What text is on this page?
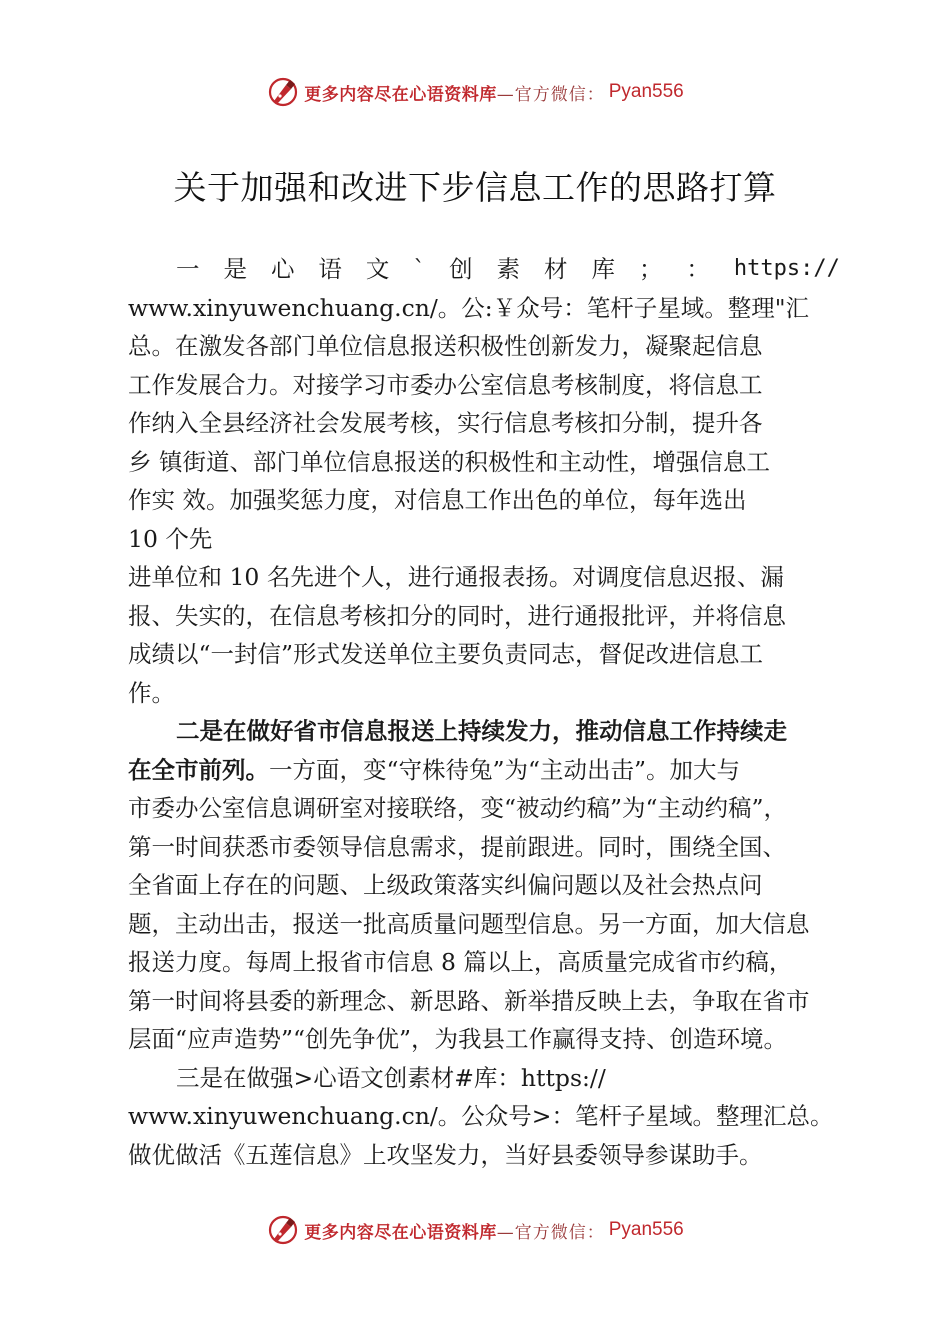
更多内容尽在心语资料库 —官方微信： Pyan556
关于加强和改进下步信息工作的思路打算
一 是 心 语 文 ` 创 素 材 库 ； ： https://
www.xinyuwenchuang.cn/。公:￥众号：笔杆子星域。整理"汇
总。在激发各部门单位信息报送积极性创新发力，凝聚起信息
工作发展合力。对接学习市委办公室信息考核制度，将信息工
作纳入全县经济社会发展考核，实行信息考核扣分制，提升各
乡 镇街道、部门单位信息报送的积极性和主动性，增强信息工
作实 效。加强奖惩力度，对信息工作出色的单位，每年选出
10 个先
进单位和 10 名先进个人，进行通报表扬。对调度信息迟报、漏
报、失实的，在信息考核扣分的同时，进行通报批评，并将信息
成绩以“一封信”形式发送单位主要负责同志，督促改进信息工
作。
二是在做好省市信息报送上持续发力，推动信息工作持续走
在全市前列。一方面，变“守株待兔”为“主动出击”。加大与
市委办公室信息调研室对接联络，变“被动约稿”为“主动约稿”，
第一时间获悉市委领导信息需求，提前跟进。同时，围绕全国、
全省面上存在的问题、上级政策落实纠偏问题以及社会热点问
题，主动出击，报送一批高质量问题型信息。另一方面，加大信息
报送力度。每周上报省市信息 8 篇以上，高质量完成省市约稿，
第一时间将县委的新理念、新思路、新举措反映上去，争取在省市
层面“应声造势”“创先争优”，为我县工作赢得支持、创造环境。
三是在做强>心语文创素材#库：https://
www.xinyuwenchuang.cn/。公众号>：笔杆子星域。整理汇总。
做优做活《五莲信息》上攻坚发力，当好县委领导参谋助手。
更多内容尽在心语资料库 —官方微信： Pyan556
